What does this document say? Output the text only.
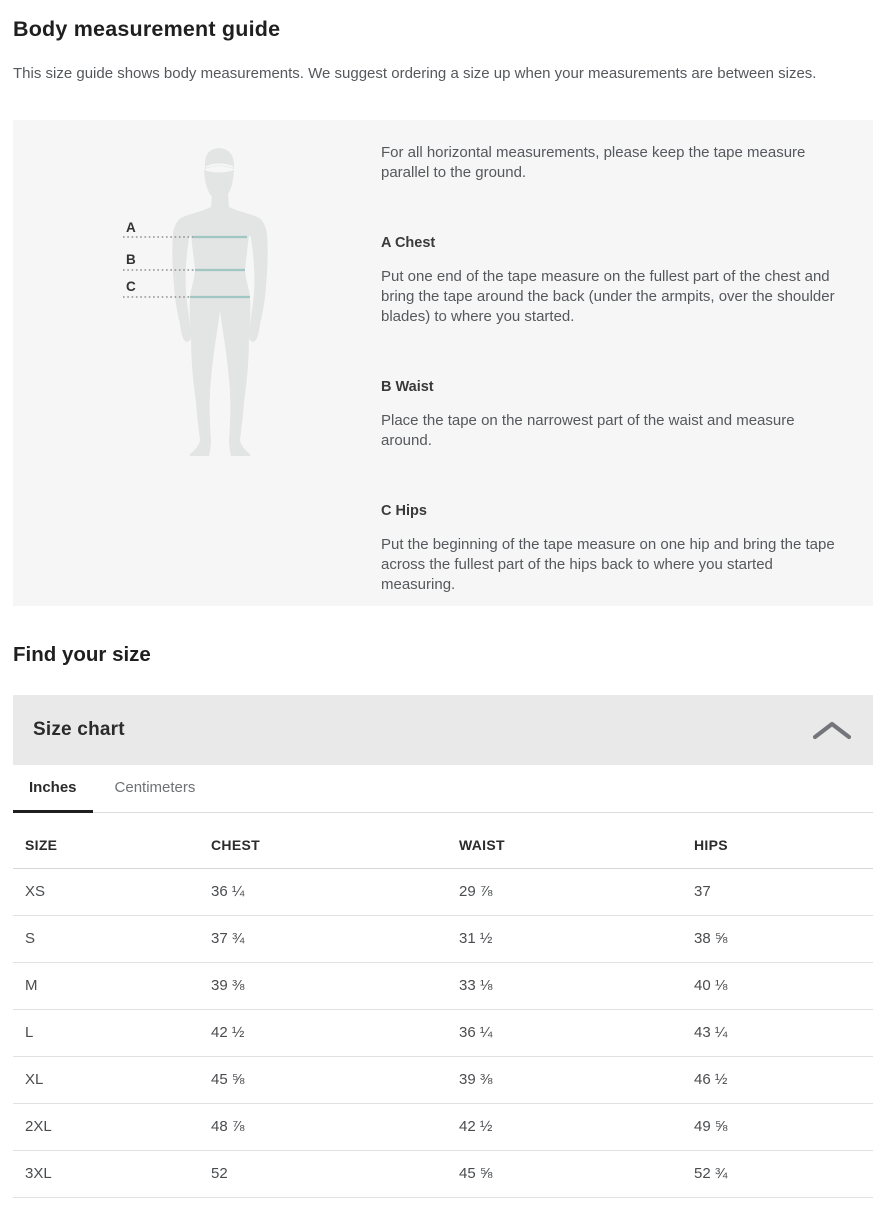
Body measurement guide

This size guide shows body measurements. We suggest ordering a size up when your measurements are between sizes.

A
B
C

For all horizontal measurements, please keep the tape measure parallel to the ground.

A Chest

Put one end of the tape measure on the fullest part of the chest and bring the tape around the back (under the armpits, over the shoulder blades) to where you started.

B Waist

Place the tape on the narrowest part of the waist and measure around.

C Hips

Put the beginning of the tape measure on one hip and bring the tape across the fullest part of the hips back to where you started measuring.

Find your size
Size chart
Inches	Centimeters
SIZE	CHEST	WAIST	HIPS
XS	36 ¼	29 ⅞	37
S	37 ¾	31 ½	38 ⅝
M	39 ⅜	33 ⅛	40 ⅛
L	42 ½	36 ¼	43 ¼
XL	45 ⅝	39 ⅜	46 ½
2XL	48 ⅞	42 ½	49 ⅝
3XL	52	45 ⅝	52 ¾
